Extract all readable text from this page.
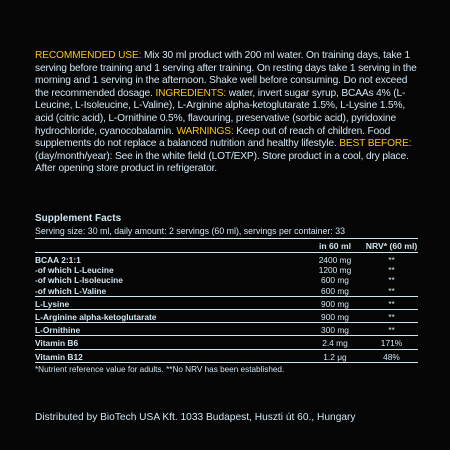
RECOMMENDED USE: Mix 30 ml product with 200 ml water. On training days, take 1 serving before training and 1 serving after training. On resting days take 1 serving in the morning and 1 serving in the afternoon. Shake well before consuming. Do not exceed the recommended dosage. INGREDIENTS: water, invert sugar syrup, BCAAs 4% (L-Leucine, L-Isoleucine, L-Valine), L-Arginine alpha-ketoglutarate 1.5%, L-Lysine 1.5%, acid (citric acid), L-Ornithine 0.5%, flavouring, preservative (sorbic acid), pyridoxine hydrochloride, cyanocobalamin. WARNINGS: Keep out of reach of children. Food supplements do not replace a balanced nutrition and healthy lifestyle. BEST BEFORE: (day/month/year): See in the white field (LOT/EXP). Store product in a cool, dry place. After opening store product in refrigerator.
Supplement Facts
Serving size: 30 ml, daily amount: 2 servings (60 ml), servings per container: 33
	in 60 ml	NRV* (60 ml)
BCAA 2:1:1	2400 mg	**
-of which L-Leucine	1200 mg	**
-of which L-Isoleucine	600 mg	**
-of which L-Valine	600 mg	**
L-Lysine	900 mg	**
L-Arginine alpha-ketoglutarate	900 mg	**
L-Ornithine	300 mg	**
Vitamin B6	2.4 mg	171%
Vitamin B12	1.2 μg	48%
*Nutrient reference value for adults. **No NRV has been established.
Distributed by BioTech USA Kft. 1033 Budapest, Huszti út 60., Hungary
